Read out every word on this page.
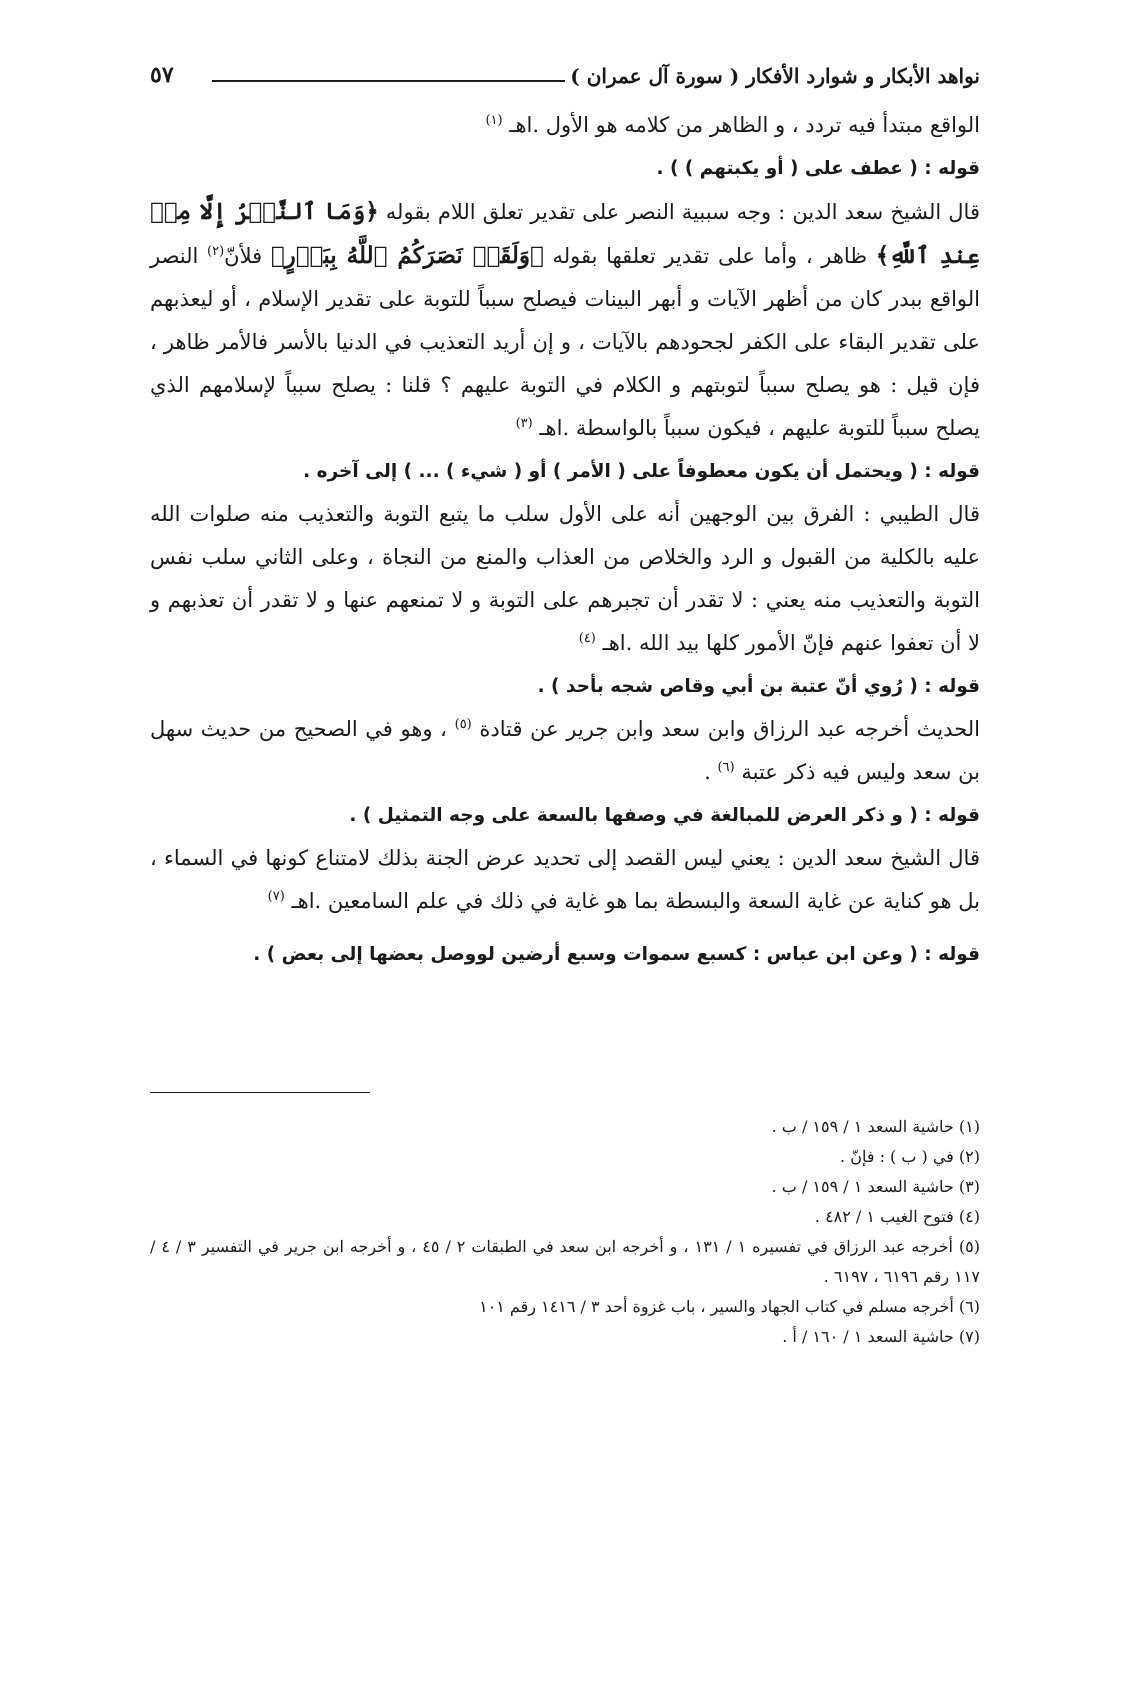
نواهد الأبكار و شوارد الأفكار ( سورة آل عمران )
٥٧

الواقع مبتدأ فيه تردد ، و الظاهر من كلامه هو الأول .اهـ $^{(١)}$

قوله : ( عطف على ( أو يكبتهم ) ) .

قال الشيخ سعد الدين : وجه سببية النصر على تقدير تعلق اللام بقوله ﴿وَمَا ٱلنَّصۡرُ إِلَّا مِنۡ عِندِ ٱللَّهِ﴾ ظاهر ، وأما على تقدير تعلقها بقوله ﴿وَلَقَدۡ نَصَرَكُمُ ٱللَّهُ بِبَدۡرٍ﴾ فلأنّ$^{(٢)}$ النصر الواقع ببدر كان من أظهر الآيات و أبهر البينات فيصلح سبباً للتوبة على تقدير الإسلام ، أو ليعذبهم على تقدير البقاء على الكفر لجحودهم بالآيات ، و إن أريد التعذيب في الدنيا بالأسر فالأمر ظاهر ، فإن قيل : هو يصلح سبباً لتوبتهم و الكلام في التوبة عليهم ؟ قلنا : يصلح سبباً لإسلامهم الذي يصلح سبباً للتوبة عليهم ، فيكون سبباً بالواسطة .اهـ $^{(٣)}$

قوله : ( ويحتمل أن يكون معطوفاً على ( الأمر ) أو ( شيء ) ... ) إلى آخره .

قال الطيبي : الفرق بين الوجهين أنه على الأول سلب ما يتبع التوبة والتعذيب منه صلوات الله عليه بالكلية من القبول و الرد والخلاص من العذاب والمنع من النجاة ، وعلى الثاني سلب نفس التوبة والتعذيب منه يعني : لا تقدر أن تجبرهم على التوبة و لا تمنعهم عنها و لا تقدر أن تعذبهم و لا أن تعفوا عنهم فإنّ الأمور كلها بيد الله .اهـ $^{(٤)}$

قوله : ( رُوي أنّ عتبة بن أبي وقاص شجه بأحد ) .

الحديث أخرجه عبد الرزاق وابن سعد وابن جرير عن قتادة $^{(٥)}$ ، وهو في الصحيح من حديث سهل بن سعد وليس فيه ذكر عتبة $^{(٦)}$ .

قوله : ( و ذكر العرض للمبالغة في وصفها بالسعة على وجه التمثيل ) .

قال الشيخ سعد الدين : يعني ليس القصد إلى تحديد عرض الجنة بذلك لامتناع كونها في السماء ، بل هو كناية عن غاية السعة والبسطة بما هو غاية في ذلك في علم السامعين .اهـ $^{(٧)}$

قوله : ( وعن ابن عباس : كسبع سموات وسبع أرضين لووصل بعضها إلى بعض ) .

(١) حاشية السعد ١ / ١٥٩ / ب .

(٢) في ( ب ) : فإنّ .

(٣) حاشية السعد ١ / ١٥٩ / ب .

(٤) فتوح الغيب ١ / ٤٨٢ .

(٥) أخرجه عبد الرزاق في تفسيره ١ / ١٣١ ، و أخرجه ابن سعد في الطبقات ٢ / ٤٥ ، و أخرجه ابن جرير في التفسير ٣ / ٤ / ١١٧ رقم ٦١٩٦ ، ٦١٩٧ .

(٦) أخرجه مسلم في كتاب الجهاد والسير ، باب غزوة أحد ٣ / ١٤١٦ رقم ١٠١

(٧) حاشية السعد ١ / ١٦٠ / أ .
